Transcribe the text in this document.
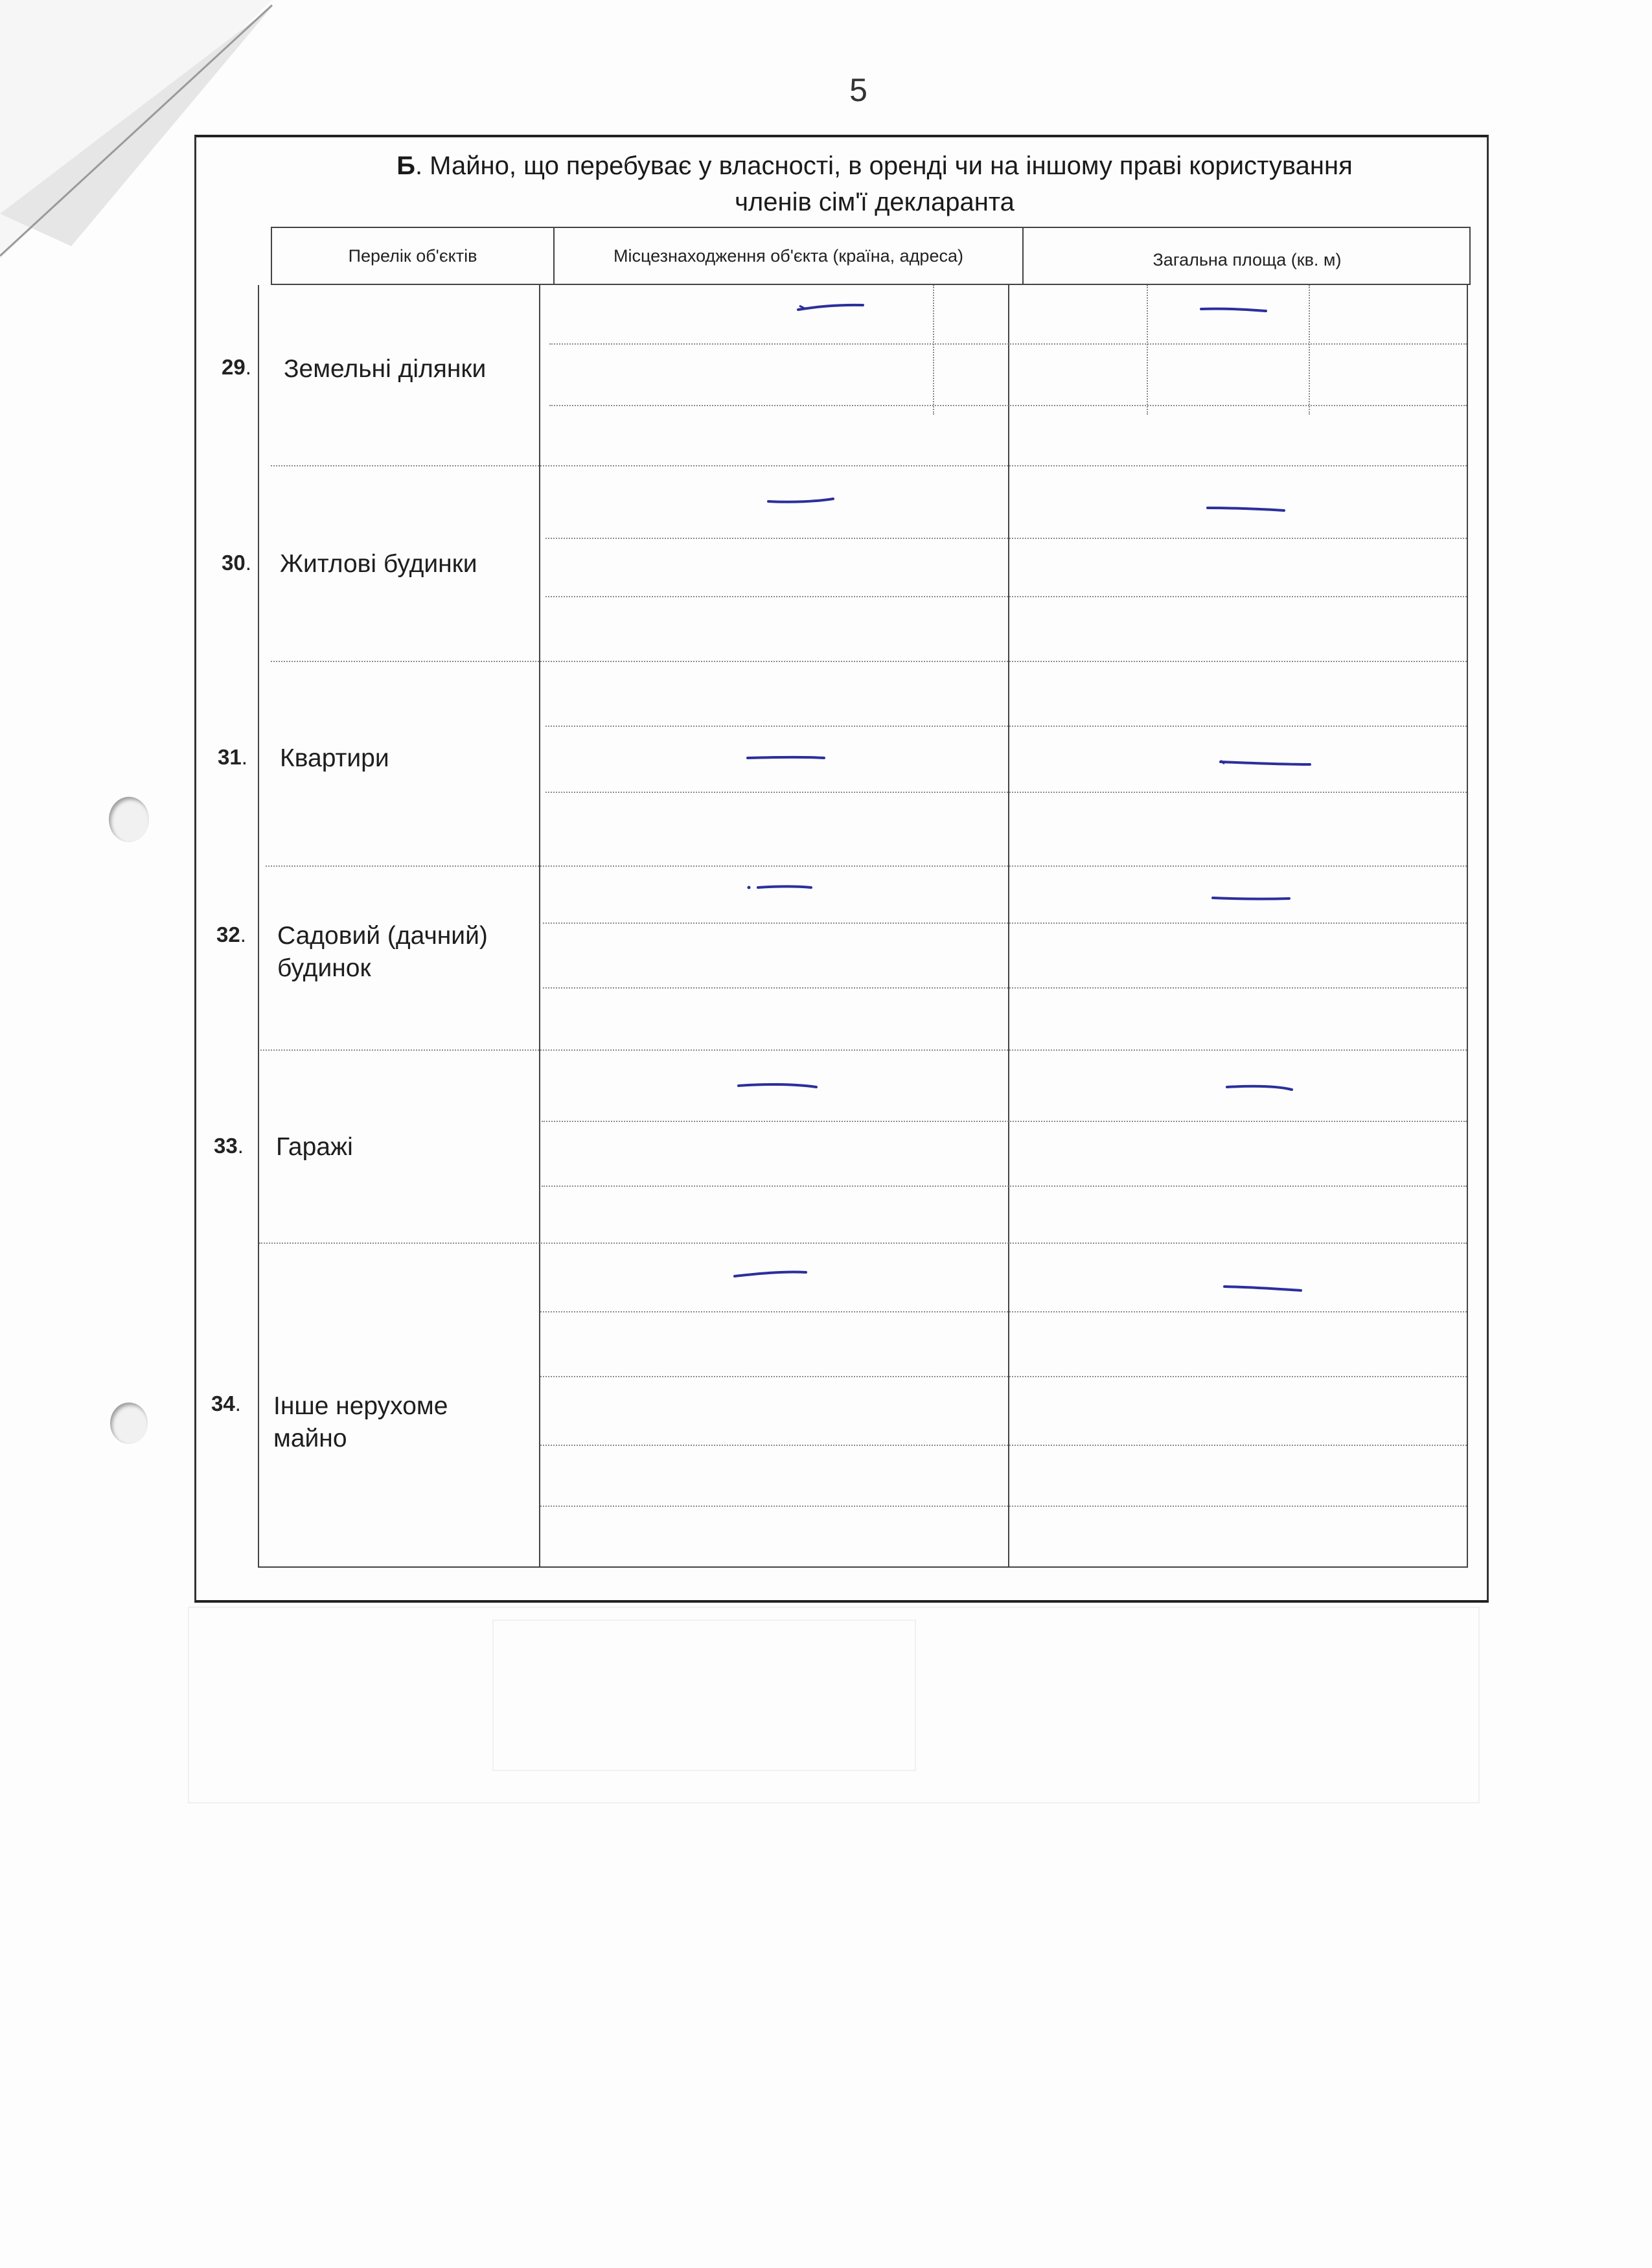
5
Б. Майно, що перебуває у власності, в оренді чи на іншому праві користування
членів сім'ї декларанта
Перелік об'єктів	Місцезнаходження об'єкта (країна, адреса)	Загальна площа (кв. м)
29. Земельні ділянки
30. Житлові будинки
31. Квартири
32. Садовий (дачний) будинок
33. Гаражі
34. Інше нерухоме майно
